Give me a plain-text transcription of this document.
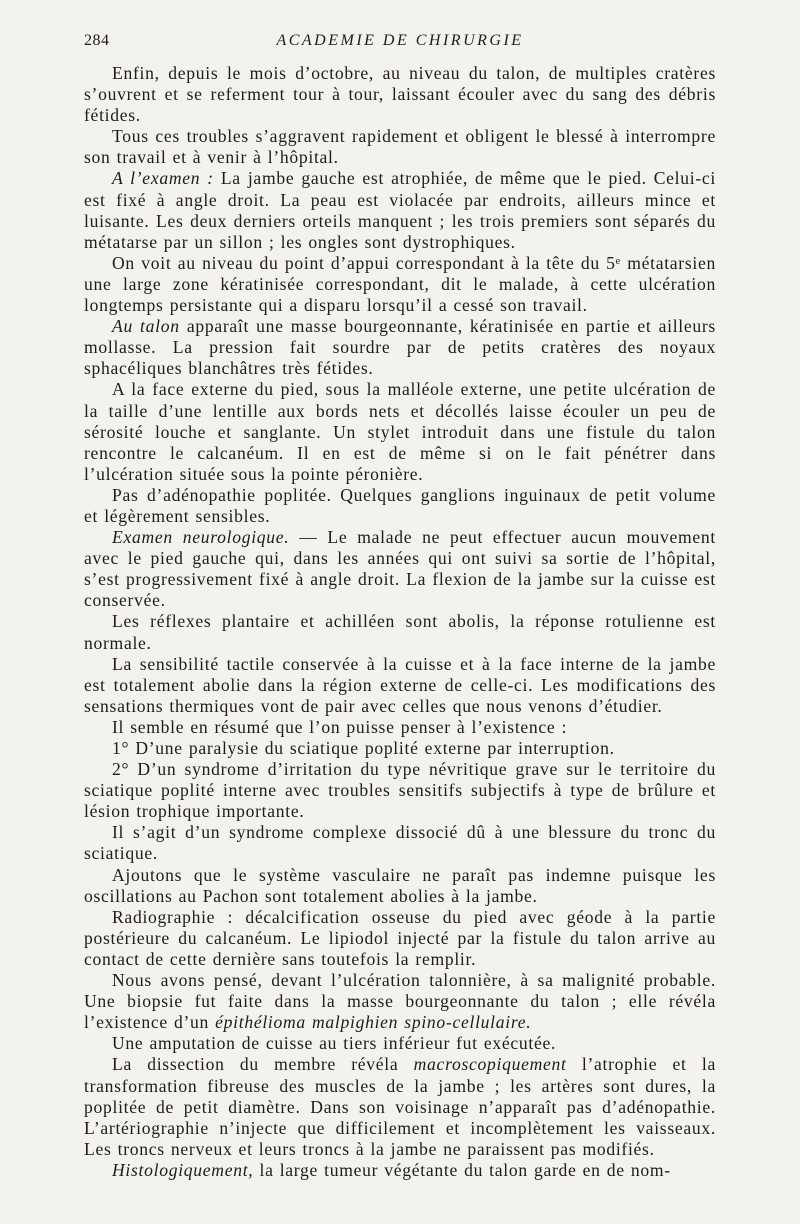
284	ACADEMIE DE CHIRURGIE

Enfin, depuis le mois d’octobre, au niveau du talon, de multiples cratères s’ouvrent et se referment tour à tour, laissant écouler avec du sang des débris fétides.

Tous ces troubles s’aggravent rapidement et obligent le blessé à interrompre son travail et à venir à l’hôpital.

A l’examen : La jambe gauche est atrophiée, de même que le pied. Celui-ci est fixé à angle droit. La peau est violacée par endroits, ailleurs mince et luisante. Les deux derniers orteils manquent ; les trois premiers sont séparés du métatarse par un sillon ; les ongles sont dystrophiques.

On voit au niveau du point d’appui correspondant à la tête du 5ᵉ métatarsien une large zone kératinisée correspondant, dit le malade, à cette ulcération longtemps persistante qui a disparu lorsqu’il a cessé son travail.

Au talon apparaît une masse bourgeonnante, kératinisée en partie et ailleurs mollasse. La pression fait sourdre par de petits cratères des noyaux sphacéliques blanchâtres très fétides.

A la face externe du pied, sous la malléole externe, une petite ulcération de la taille d’une lentille aux bords nets et décollés laisse écouler un peu de sérosité louche et sanglante. Un stylet introduit dans une fistule du talon rencontre le calcanéum. Il en est de même si on le fait pénétrer dans l’ulcération située sous la pointe péronière.

Pas d’adénopathie poplitée. Quelques ganglions inguinaux de petit volume et légèrement sensibles.

Examen neurologique. — Le malade ne peut effectuer aucun mouvement avec le pied gauche qui, dans les années qui ont suivi sa sortie de l’hôpital, s’est progressivement fixé à angle droit. La flexion de la jambe sur la cuisse est conservée.

Les réflexes plantaire et achilléen sont abolis, la réponse rotulienne est normale.

La sensibilité tactile conservée à la cuisse et à la face interne de la jambe est totalement abolie dans la région externe de celle-ci. Les modifications des sensations thermiques vont de pair avec celles que nous venons d’étudier.

Il semble en résumé que l’on puisse penser à l’existence :

1° D’une paralysie du sciatique poplité externe par interruption.

2° D’un syndrome d’irritation du type névritique grave sur le territoire du sciatique poplité interne avec troubles sensitifs subjectifs à type de brûlure et lésion trophique importante.

Il s’agit d’un syndrome complexe dissocié dû à une blessure du tronc du sciatique.

Ajoutons que le système vasculaire ne paraît pas indemne puisque les oscillations au Pachon sont totalement abolies à la jambe.

Radiographie : décalcification osseuse du pied avec géode à la partie postérieure du calcanéum. Le lipiodol injecté par la fistule du talon arrive au contact de cette dernière sans toutefois la remplir.

Nous avons pensé, devant l’ulcération talonnière, à sa malignité probable. Une biopsie fut faite dans la masse bourgeonnante du talon ; elle révéla l’existence d’un épithélioma malpighien spino-cellulaire.

Une amputation de cuisse au tiers inférieur fut exécutée.

La dissection du membre révéla macroscopiquement l’atrophie et la transformation fibreuse des muscles de la jambe ; les artères sont dures, la poplitée de petit diamètre. Dans son voisinage n’apparaît pas d’adénopathie. L’artériographie n’injecte que difficilement et incomplètement les vaisseaux. Les troncs nerveux et leurs troncs à la jambe ne paraissent pas modifiés.

Histologiquement, la large tumeur végétante du talon garde en de nom-
